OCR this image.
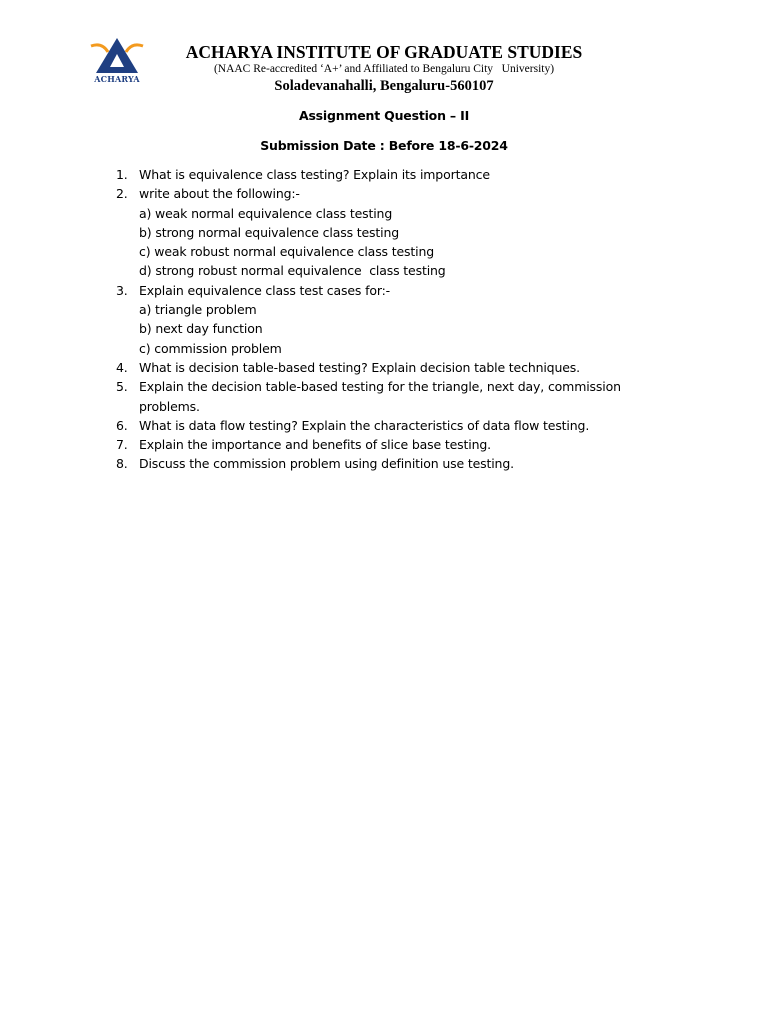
ACHARYA
ACHARYA INSTITUTE OF GRADUATE STUDIES
(NAAC Re-accredited ‘A+’ and Affiliated to Bengaluru City   University)
Soladevanahalli, Bengaluru-560107
Assignment Question – II
Submission Date : Before 18-6-2024
1. What is equivalence class testing? Explain its importance
2. write about the following:-
a) weak normal equivalence class testing
b) strong normal equivalence class testing
c) weak robust normal equivalence class testing
d) strong robust normal equivalence  class testing
3. Explain equivalence class test cases for:-
a) triangle problem
b) next day function
c) commission problem
4. What is decision table-based testing? Explain decision table techniques.
5. Explain the decision table-based testing for the triangle, next day, commission problems.
6. What is data flow testing? Explain the characteristics of data flow testing.
7. Explain the importance and benefits of slice base testing.
8. Discuss the commission problem using definition use testing.
